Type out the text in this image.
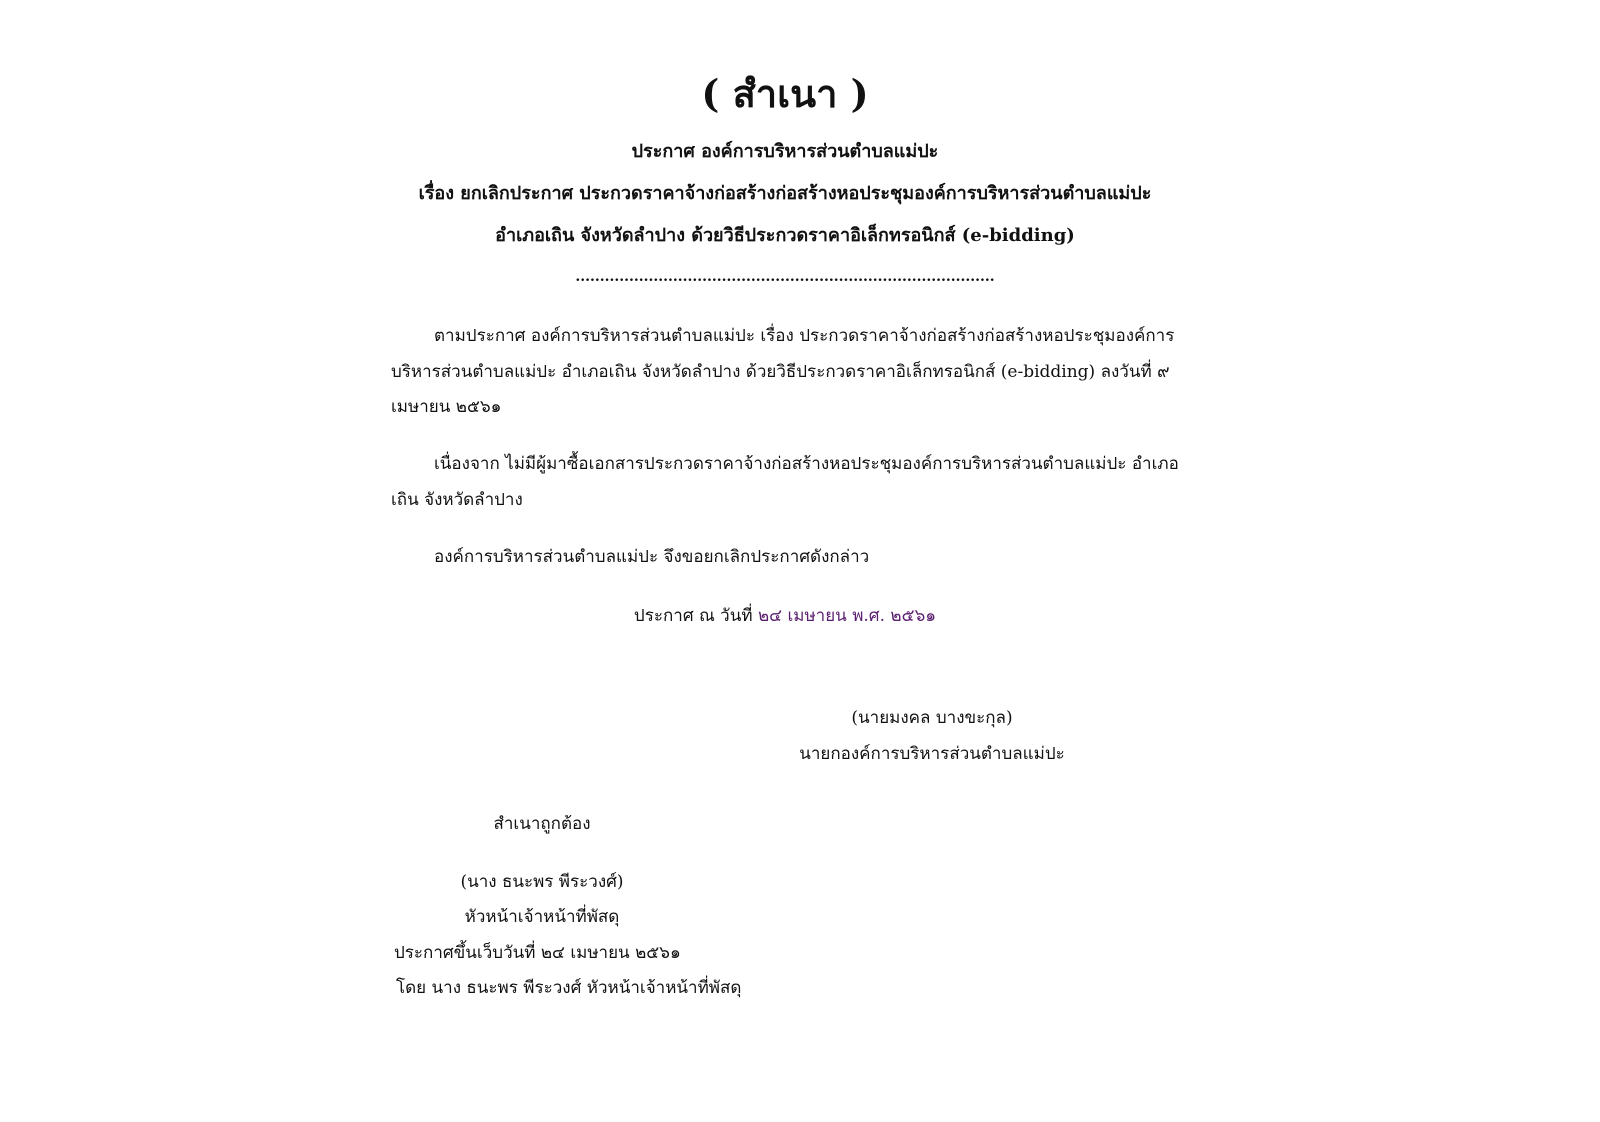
( สำเนา )
ประกาศ องค์การบริหารส่วนตำบลแม่ปะ
เรื่อง ยกเลิกประกาศ ประกวดราคาจ้างก่อสร้างก่อสร้างหอประชุมองค์การบริหารส่วนตำบลแม่ปะ
อำเภอเถิน จังหวัดลำปาง ด้วยวิธีประกวดราคาอิเล็กทรอนิกส์ (e-bidding)
......................................................................................
ตามประกาศ องค์การบริหารส่วนตำบลแม่ปะ เรื่อง ประกวดราคาจ้างก่อสร้างก่อสร้างหอประชุมองค์การ
บริหารส่วนตำบลแม่ปะ อำเภอเถิน จังหวัดลำปาง ด้วยวิธีประกวดราคาอิเล็กทรอนิกส์ (e-bidding) ลงวันที่ ๙
เมษายน ๒๕๖๑
เนื่องจาก ไม่มีผู้มาซื้อเอกสารประกวดราคาจ้างก่อสร้างหอประชุมองค์การบริหารส่วนตำบลแม่ปะ อำเภอ
เถิน จังหวัดลำปาง
องค์การบริหารส่วนตำบลแม่ปะ จึงขอยกเลิกประกาศดังกล่าว
ประกาศ ณ วันที่ ๒๔ เมษายน พ.ศ. ๒๕๖๑
(นายมงคล บางขะกุล)
นายกองค์การบริหารส่วนตำบลแม่ปะ
สำเนาถูกต้อง
(นาง ธนะพร พีระวงศ์)
หัวหน้าเจ้าหน้าที่พัสดุ
ประกาศขึ้นเว็บวันที่ ๒๔ เมษายน ๒๕๖๑
โดย นาง ธนะพร พีระวงศ์ หัวหน้าเจ้าหน้าที่พัสดุ
